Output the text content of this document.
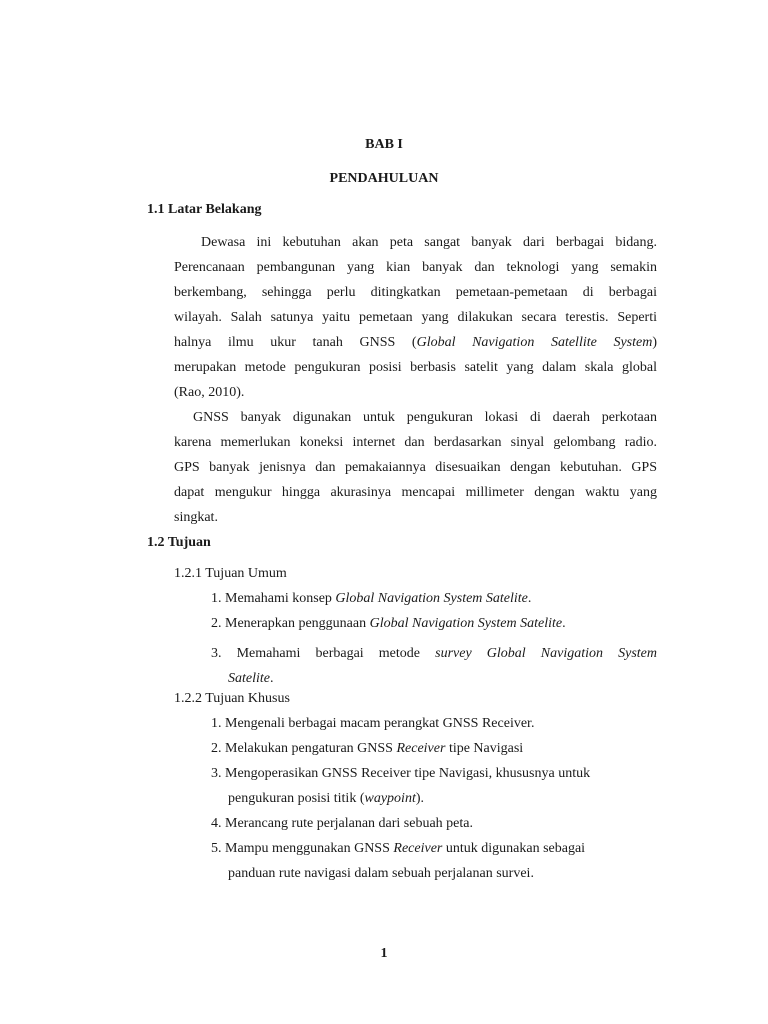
BAB I

PENDAHULUAN

1.1 Latar Belakang

Dewasa ini kebutuhan akan peta sangat banyak dari berbagai bidang.
Perencanaan pembangunan yang kian banyak dan teknologi yang semakin
berkembang, sehingga perlu ditingkatkan pemetaan-pemetaan di berbagai
wilayah. Salah satunya yaitu pemetaan yang dilakukan secara terestis. Seperti
halnya ilmu ukur tanah GNSS (Global Navigation Satellite System)
merupakan metode pengukuran posisi berbasis satelit yang dalam skala global
(Rao, 2010).
GNSS banyak digunakan untuk pengukuran lokasi di daerah perkotaan
karena memerlukan koneksi internet dan berdasarkan sinyal gelombang radio.
GPS banyak jenisnya dan pemakaiannya disesuaikan dengan kebutuhan. GPS
dapat mengukur hingga akurasinya mencapai millimeter dengan waktu yang
singkat.

1.2 Tujuan

1.2.1 Tujuan Umum

1. Memahami konsep Global Navigation System Satelite.

2. Menerapkan penggunaan Global Navigation System Satelite.

3. Memahami berbagai metode survey Global Navigation System
Satelite.

1.2.2 Tujuan Khusus

1. Mengenali berbagai macam perangkat GNSS Receiver.

2. Melakukan pengaturan GNSS Receiver tipe Navigasi

3. Mengoperasikan GNSS Receiver tipe Navigasi, khususnya untuk

pengukuran posisi titik (waypoint).

4. Merancang rute perjalanan dari sebuah peta.

5. Mampu menggunakan GNSS Receiver untuk digunakan sebagai

panduan rute navigasi dalam sebuah perjalanan survei.

1
